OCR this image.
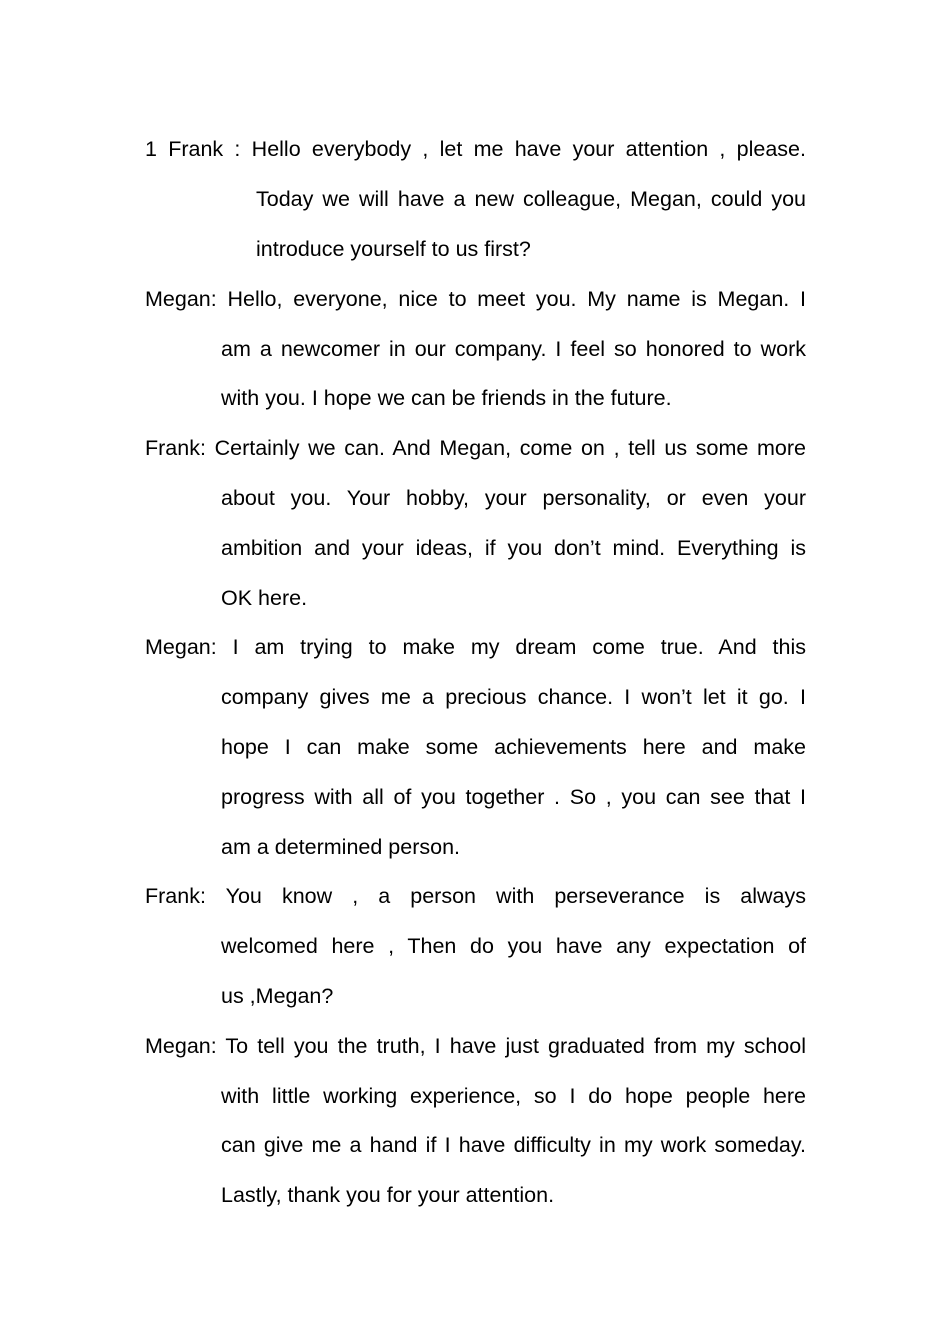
1 Frank : Hello everybody , let me have your attention , please.
Today we will have a new colleague, Megan, could you
introduce yourself to us first?
Megan: Hello, everyone, nice to meet you. My name is Megan. I
am a newcomer in our company. I feel so honored to work
with you. I hope we can be friends in the future.
Frank: Certainly we can. And Megan, come on , tell us some more
about you. Your hobby, your personality, or even your
ambition and your ideas, if you don’t mind. Everything is
OK here.
Megan: I am trying to make my dream come true. And this
company gives me a precious chance. I won’t let it go. I
hope I can make some achievements here and make
progress with all of you together . So , you can see that I
am a determined person.
Frank: You know , a person with perseverance is always
welcomed here , Then do you have any expectation of
us ,Megan?
Megan: To tell you the truth, I have just graduated from my school
with little working experience, so I do hope people here
can give me a hand if I have difficulty in my work someday.
Lastly, thank you for your attention.
